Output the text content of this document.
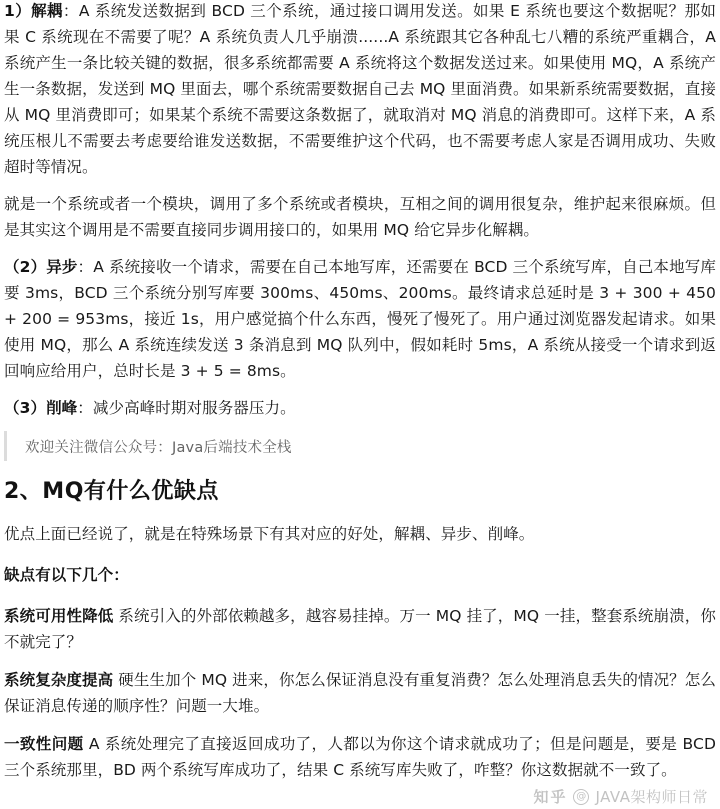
1）解耦：A 系统发送数据到 BCD 三个系统，通过接口调用发送。如果 E 系统也要这个数据呢？那如果 C 系统现在不需要了呢？A 系统负责人几乎崩溃......A 系统跟其它各种乱七八糟的系统严重耦合，A 系统产生一条比较关键的数据，很多系统都需要 A 系统将这个数据发送过来。如果使用 MQ，A 系统产生一条数据，发送到 MQ 里面去，哪个系统需要数据自己去 MQ 里面消费。如果新系统需要数据，直接从 MQ 里消费即可；如果某个系统不需要这条数据了，就取消对 MQ 消息的消费即可。这样下来，A 系统压根儿不需要去考虑要给谁发送数据，不需要维护这个代码，也不需要考虑人家是否调用成功、失败超时等情况。

就是一个系统或者一个模块，调用了多个系统或者模块，互相之间的调用很复杂，维护起来很麻烦。但是其实这个调用是不需要直接同步调用接口的，如果用 MQ 给它异步化解耦。

（2）异步：A 系统接收一个请求，需要在自己本地写库，还需要在 BCD 三个系统写库，自己本地写库要 3ms，BCD 三个系统分别写库要 300ms、450ms、200ms。最终请求总延时是 3 + 300 + 450 + 200 = 953ms，接近 1s，用户感觉搞个什么东西，慢死了慢死了。用户通过浏览器发起请求。如果使用 MQ，那么 A 系统连续发送 3 条消息到 MQ 队列中，假如耗时 5ms，A 系统从接受一个请求到返回响应给用户，总时长是 3 + 5 = 8ms。

（3）削峰：减少高峰时期对服务器压力。

欢迎关注微信公众号：Java后端技术全栈
2、MQ有什么优缺点

优点上面已经说了，就是在特殊场景下有其对应的好处，解耦、异步、削峰。

缺点有以下几个：

系统可用性降低 系统引入的外部依赖越多，越容易挂掉。万一 MQ 挂了，MQ 一挂，整套系统崩溃，你不就完了？

系统复杂度提高 硬生生加个 MQ 进来，你怎么保证消息没有重复消费？怎么处理消息丢失的情况？怎么保证消息传递的顺序性？问题一大堆。

一致性问题 A 系统处理完了直接返回成功了，人都以为你这个请求就成功了；但是问题是，要是 BCD 三个系统那里，BD 两个系统写库成功了，结果 C 系统写库失败了，咋整？你这数据就不一致了。

知乎 @ JAVA架构师日常
